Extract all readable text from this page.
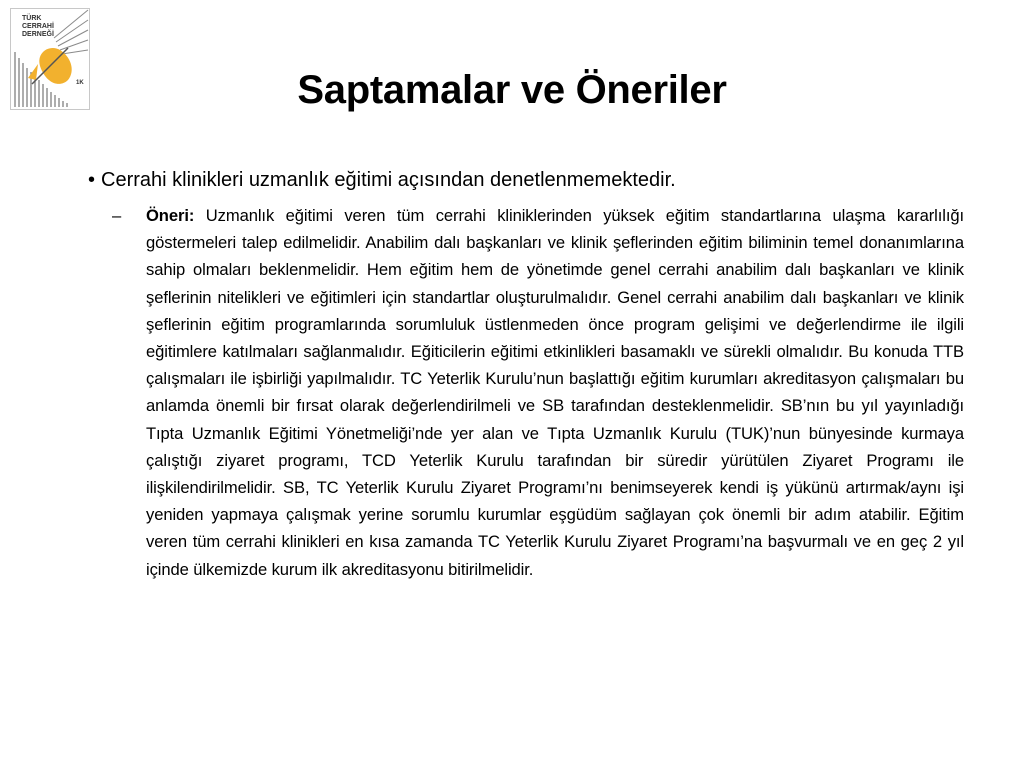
TÜRK
CERRAHİ
DERNEĞİ
1K	Saptamalar ve Öneriler
• Cerrahi klinikleri uzmanlık eğitimi açısından denetlenmemektedir.
– Öneri: Uzmanlık eğitimi veren tüm cerrahi kliniklerinden yüksek eğitim standartlarına ulaşma kararlılığı göstermeleri talep edilmelidir. Anabilim dalı başkanları ve klinik şeflerinden eğitim biliminin temel donanımlarına sahip olmaları beklenmelidir. Hem eğitim hem de yönetimde genel cerrahi anabilim dalı başkanları ve klinik şeflerinin nitelikleri ve eğitimleri için standartlar oluşturulmalıdır. Genel cerrahi anabilim dalı başkanları ve klinik şeflerinin eğitim programlarında sorumluluk üstlenmeden önce program gelişimi ve değerlendirme ile ilgili eğitimlere katılmaları sağlanmalıdır. Eğiticilerin eğitimi etkinlikleri basamaklı ve sürekli olmalıdır. Bu konuda TTB çalışmaları ile işbirliği yapılmalıdır. TC Yeterlik Kurulu’nun başlattığı eğitim kurumları akreditasyon çalışmaları bu anlamda önemli bir fırsat olarak değerlendirilmeli ve SB tarafından desteklenmelidir. SB’nın bu yıl yayınladığı Tıpta Uzmanlık Eğitimi Yönetmeliği’nde yer alan ve Tıpta Uzmanlık Kurulu (TUK)’nun bünyesinde kurmaya çalıştığı ziyaret programı, TCD Yeterlik Kurulu tarafından bir süredir yürütülen Ziyaret Programı ile ilişkilendirilmelidir. SB, TC Yeterlik Kurulu Ziyaret Programı’nı benimseyerek kendi iş yükünü artırmak/aynı işi yeniden yapmaya çalışmak yerine sorumlu kurumlar eşgüdüm sağlayan çok önemli bir adım atabilir. Eğitim veren tüm cerrahi klinikleri en kısa zamanda TC Yeterlik Kurulu Ziyaret Programı’na başvurmalı ve en geç 2 yıl içinde ülkemizde kurum ilk akreditasyonu bitirilmelidir.
